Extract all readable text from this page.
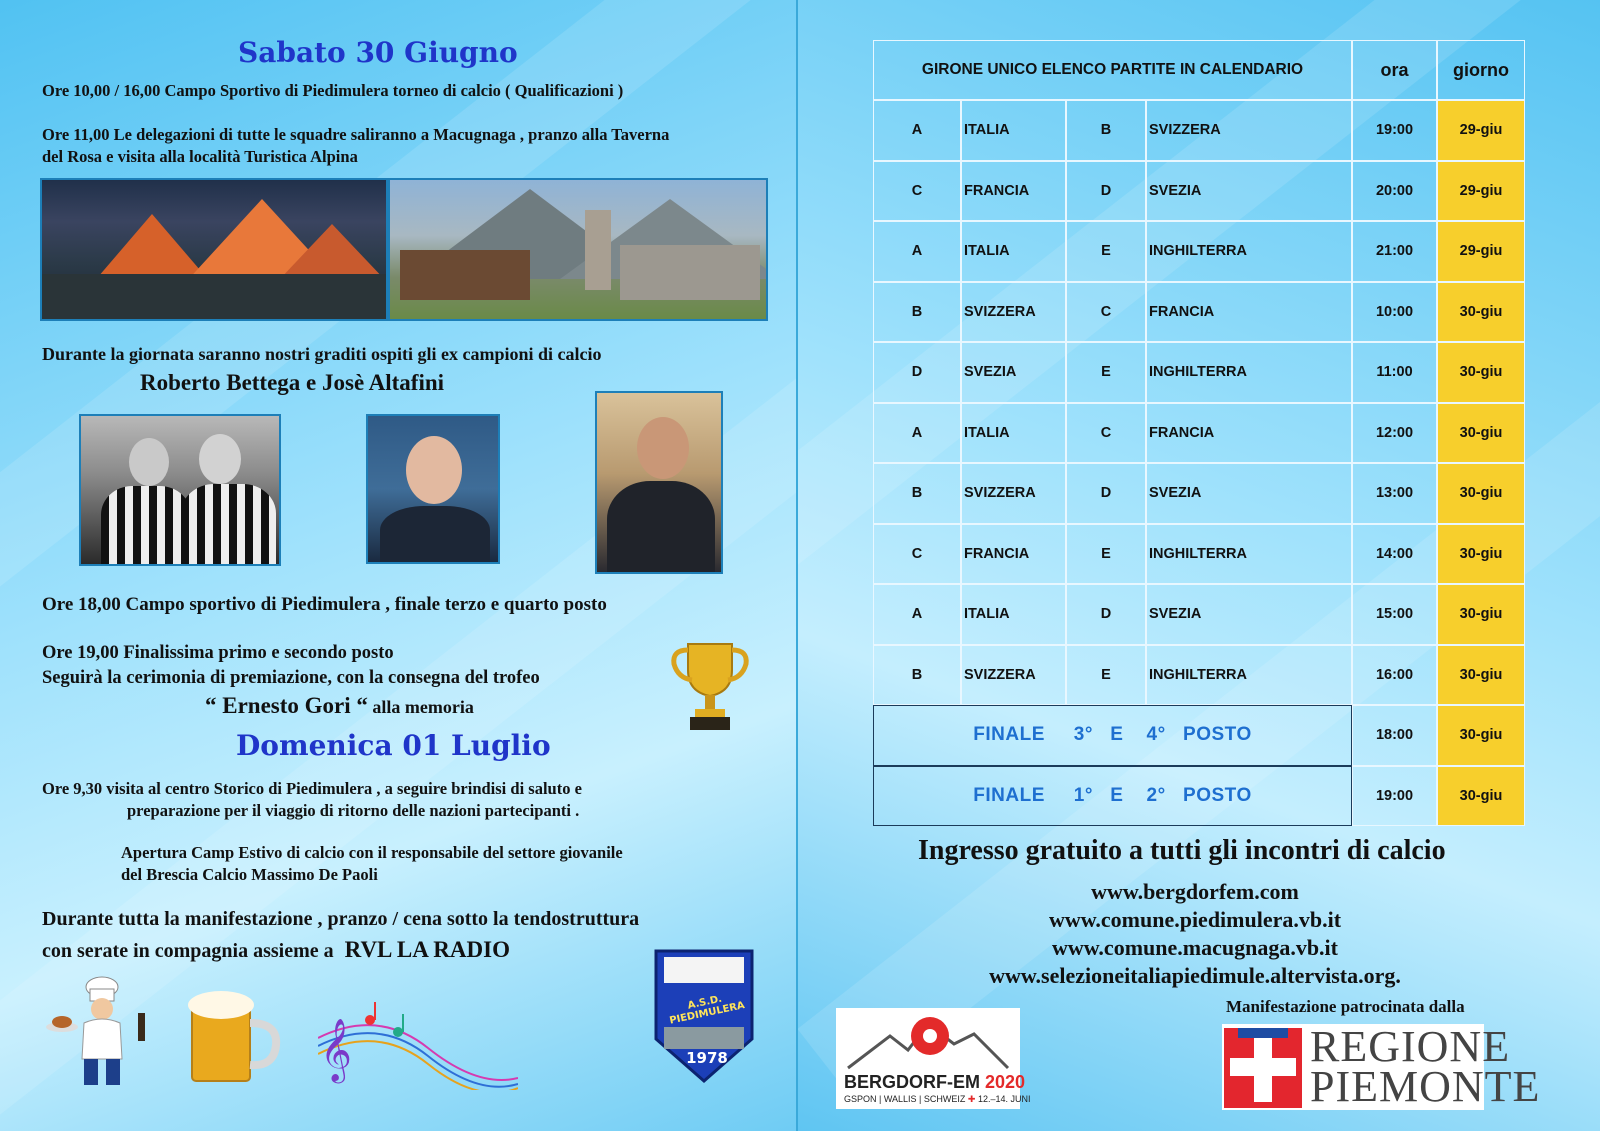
Sabato 30 Giugno
Ore 10,00 / 16,00 Campo Sportivo di Piedimulera torneo di calcio ( Qualificazioni )
Ore 11,00 Le delegazioni di tutte le squadre saliranno a Macugnaga , pranzo alla Taverna
del Rosa e visita alla località Turistica Alpina
Durante la giornata saranno nostri graditi ospiti gli ex campioni di calcio
Roberto Bettega e Josè Altafini
Ore 18,00 Campo sportivo di Piedimulera , finale terzo e quarto posto
Ore 19,00 Finalissima primo e secondo posto
Seguirà la cerimonia di premiazione, con la consegna del trofeo
“ Ernesto Gori “ alla memoria
Domenica 01 Luglio
Ore 9,30 visita al centro Storico di Piedimulera , a seguire brindisi di saluto e
preparazione per il viaggio di ritorno delle nazioni partecipanti .
Apertura Camp Estivo di calcio con il responsabile del settore giovanile
del Brescia Calcio Massimo De Paoli
Durante tutta la manifestazione , pranzo / cena sotto la tendostruttura
con serate in compagnia assieme a RVL LA RADIO
𝄞
A.S.D. PIEDIMULERA
1978
GIRONE UNICO ELENCO PARTITE IN CALENDARIO	ora	giorno
A	ITALIA	B	SVIZZERA	19:00	29-giu
C	FRANCIA	D	SVEZIA	20:00	29-giu
A	ITALIA	E	INGHILTERRA	21:00	29-giu
B	SVIZZERA	C	FRANCIA	10:00	30-giu
D	SVEZIA	E	INGHILTERRA	11:00	30-giu
A	ITALIA	C	FRANCIA	12:00	30-giu
B	SVIZZERA	D	SVEZIA	13:00	30-giu
C	FRANCIA	E	INGHILTERRA	14:00	30-giu
A	ITALIA	D	SVEZIA	15:00	30-giu
B	SVIZZERA	E	INGHILTERRA	16:00	30-giu
FINALE     3°   E    4°   POSTO	18:00	30-giu
FINALE     1°   E    2°   POSTO	19:00	30-giu
Ingresso gratuito a tutti gli incontri di calcio
www.bergdorfem.com
www.comune.piedimulera.vb.it
www.comune.macugnaga.vb.it
www.selezioneitaliapiedimule.altervista.org.
BERGDORF-EM 2020
GSPON | WALLIS | SCHWEIZ ✚ 12.–14. JUNI
Manifestazione patrocinata dalla
REGIONE
PIEMONTE
